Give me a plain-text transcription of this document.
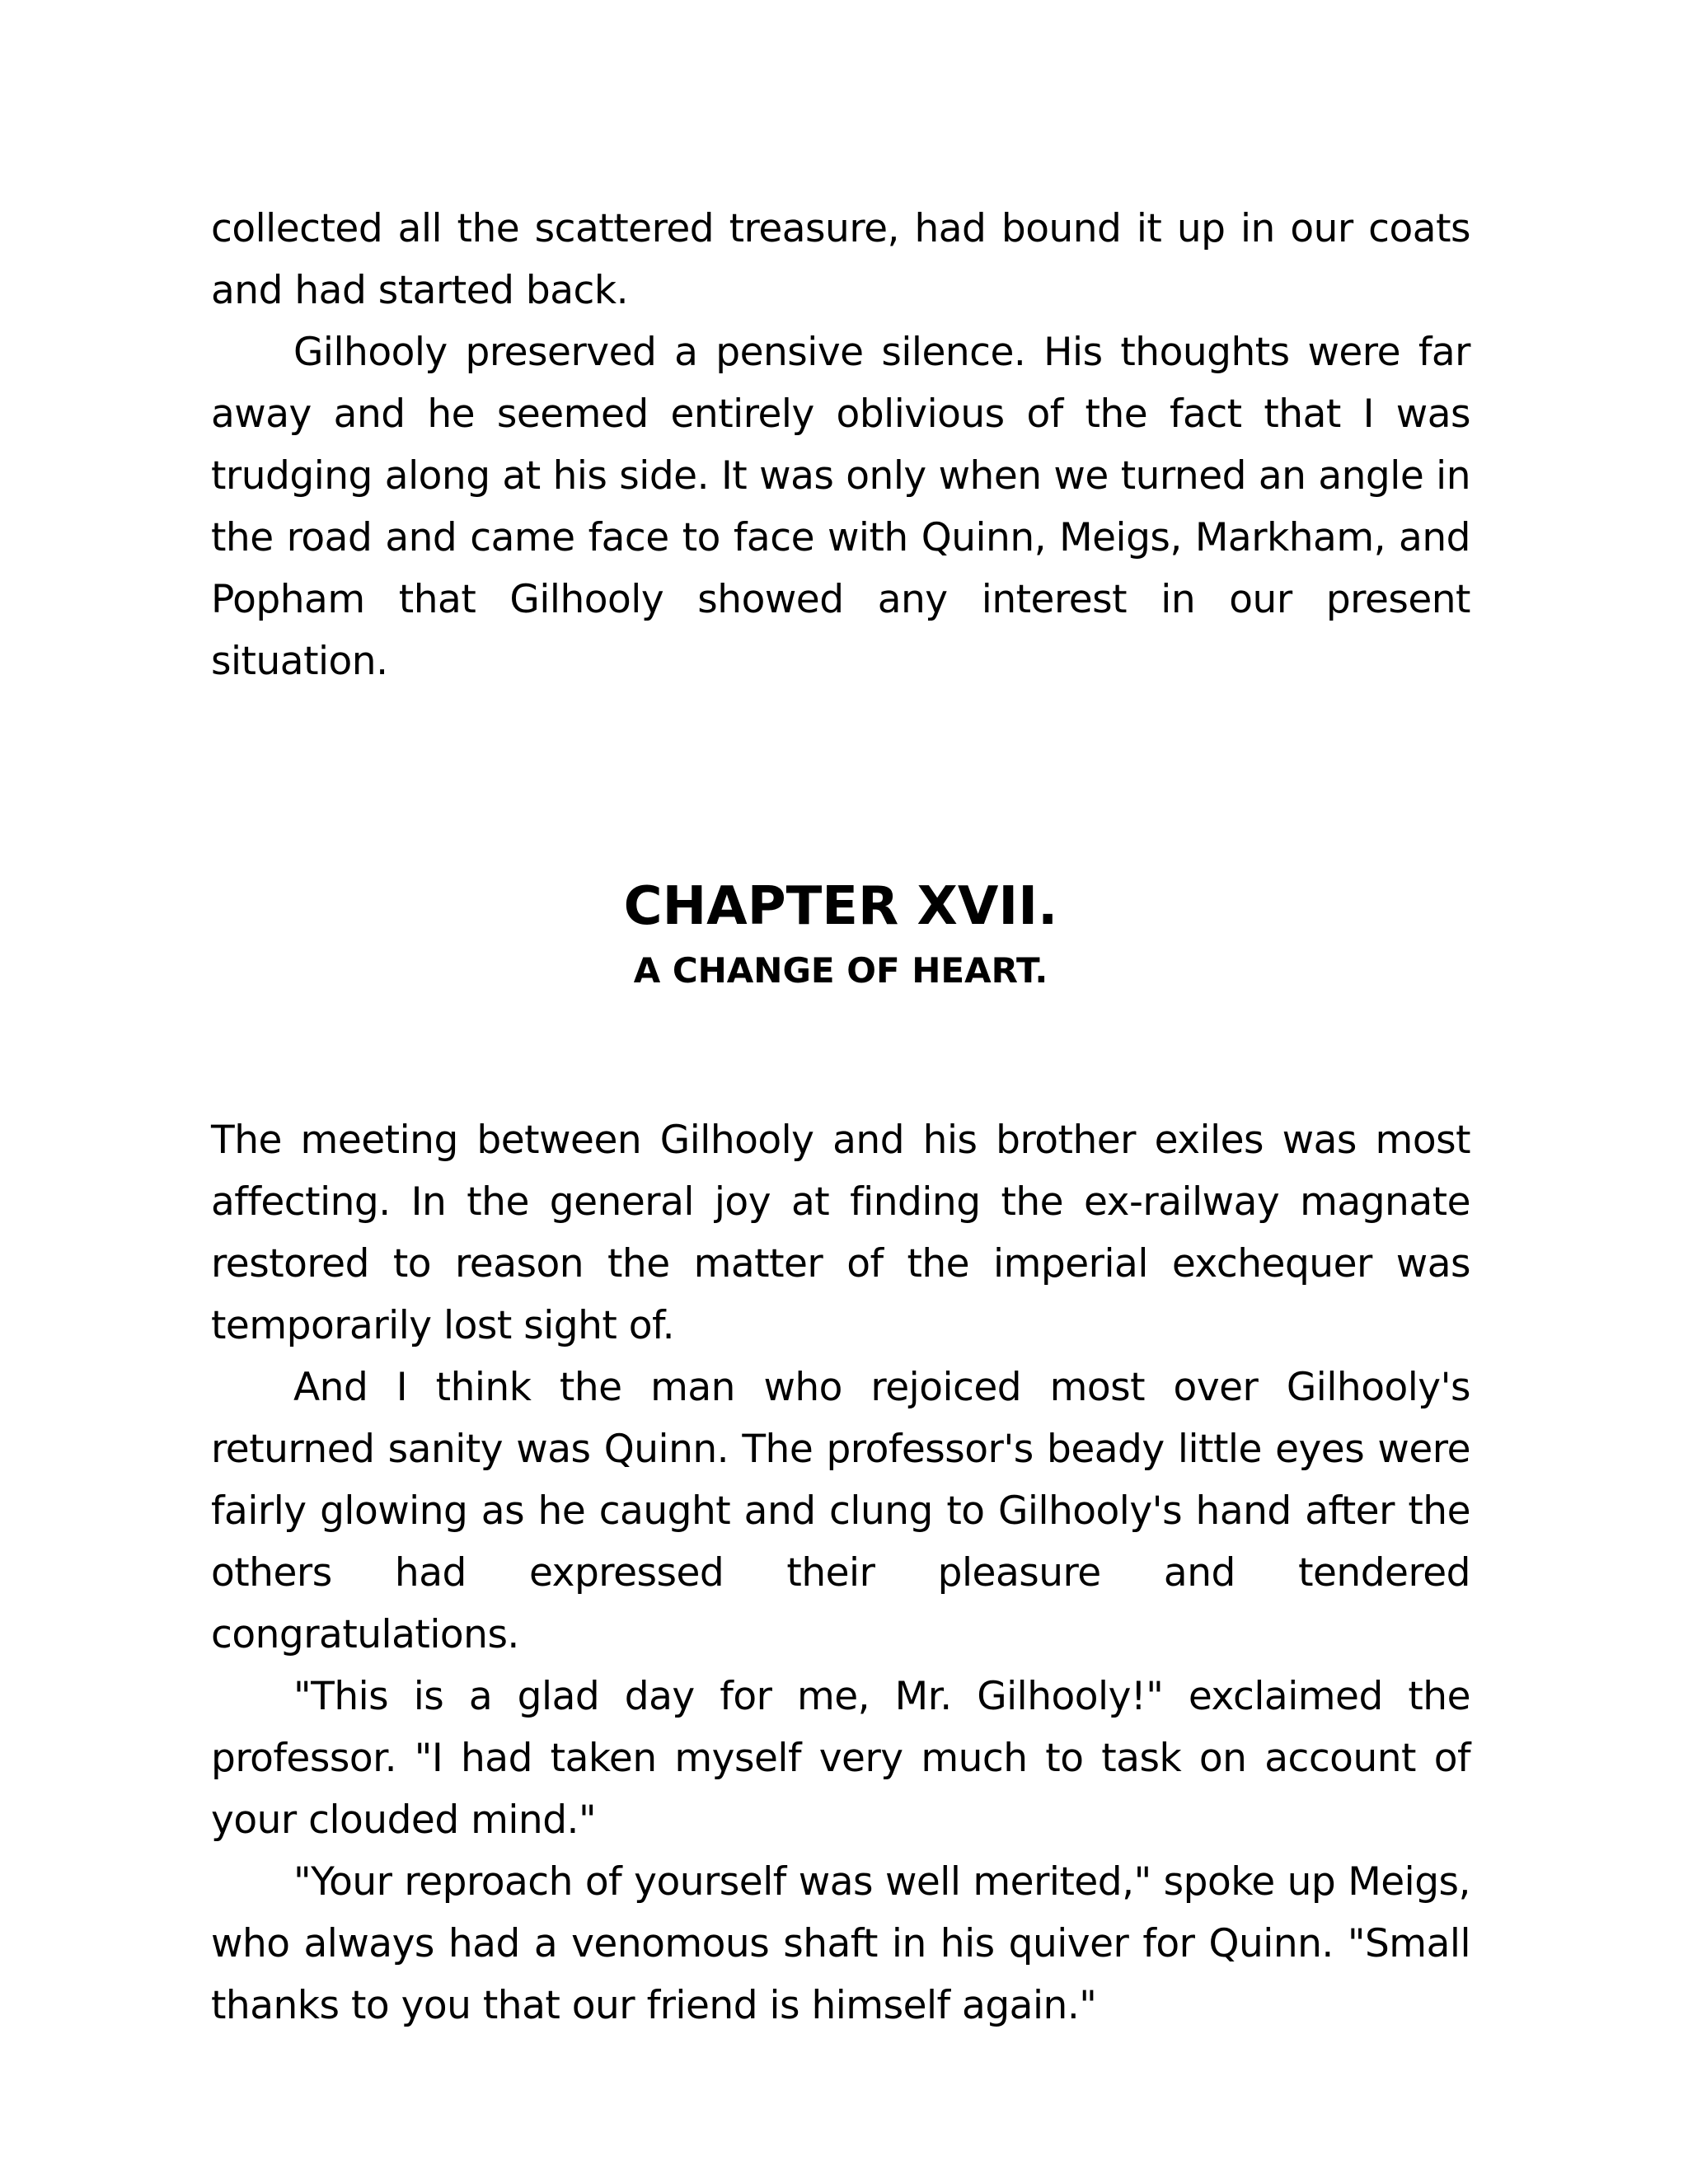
collected all the scattered treasure, had bound it up in our coats and had started back.

Gilhooly preserved a pensive silence. His thoughts were far away and he seemed entirely oblivious of the fact that I was trudging along at his side. It was only when we turned an angle in the road and came face to face with Quinn, Meigs, Markham, and Popham that Gilhooly showed any interest in our present situation.

CHAPTER XVII.
A CHANGE OF HEART.

The meeting between Gilhooly and his brother exiles was most affecting. In the general joy at finding the ex-railway magnate restored to reason the matter of the imperial exchequer was temporarily lost sight of.

And I think the man who rejoiced most over Gilhooly's returned sanity was Quinn. The professor's beady little eyes were fairly glowing as he caught and clung to Gilhooly's hand after the others had expressed their pleasure and tendered congratulations.

"This is a glad day for me, Mr. Gilhooly!" exclaimed the professor. "I had taken myself very much to task on account of your clouded mind."

"Your reproach of yourself was well merited," spoke up Meigs, who always had a venomous shaft in his quiver for Quinn. "Small thanks to you that our friend is himself again."
